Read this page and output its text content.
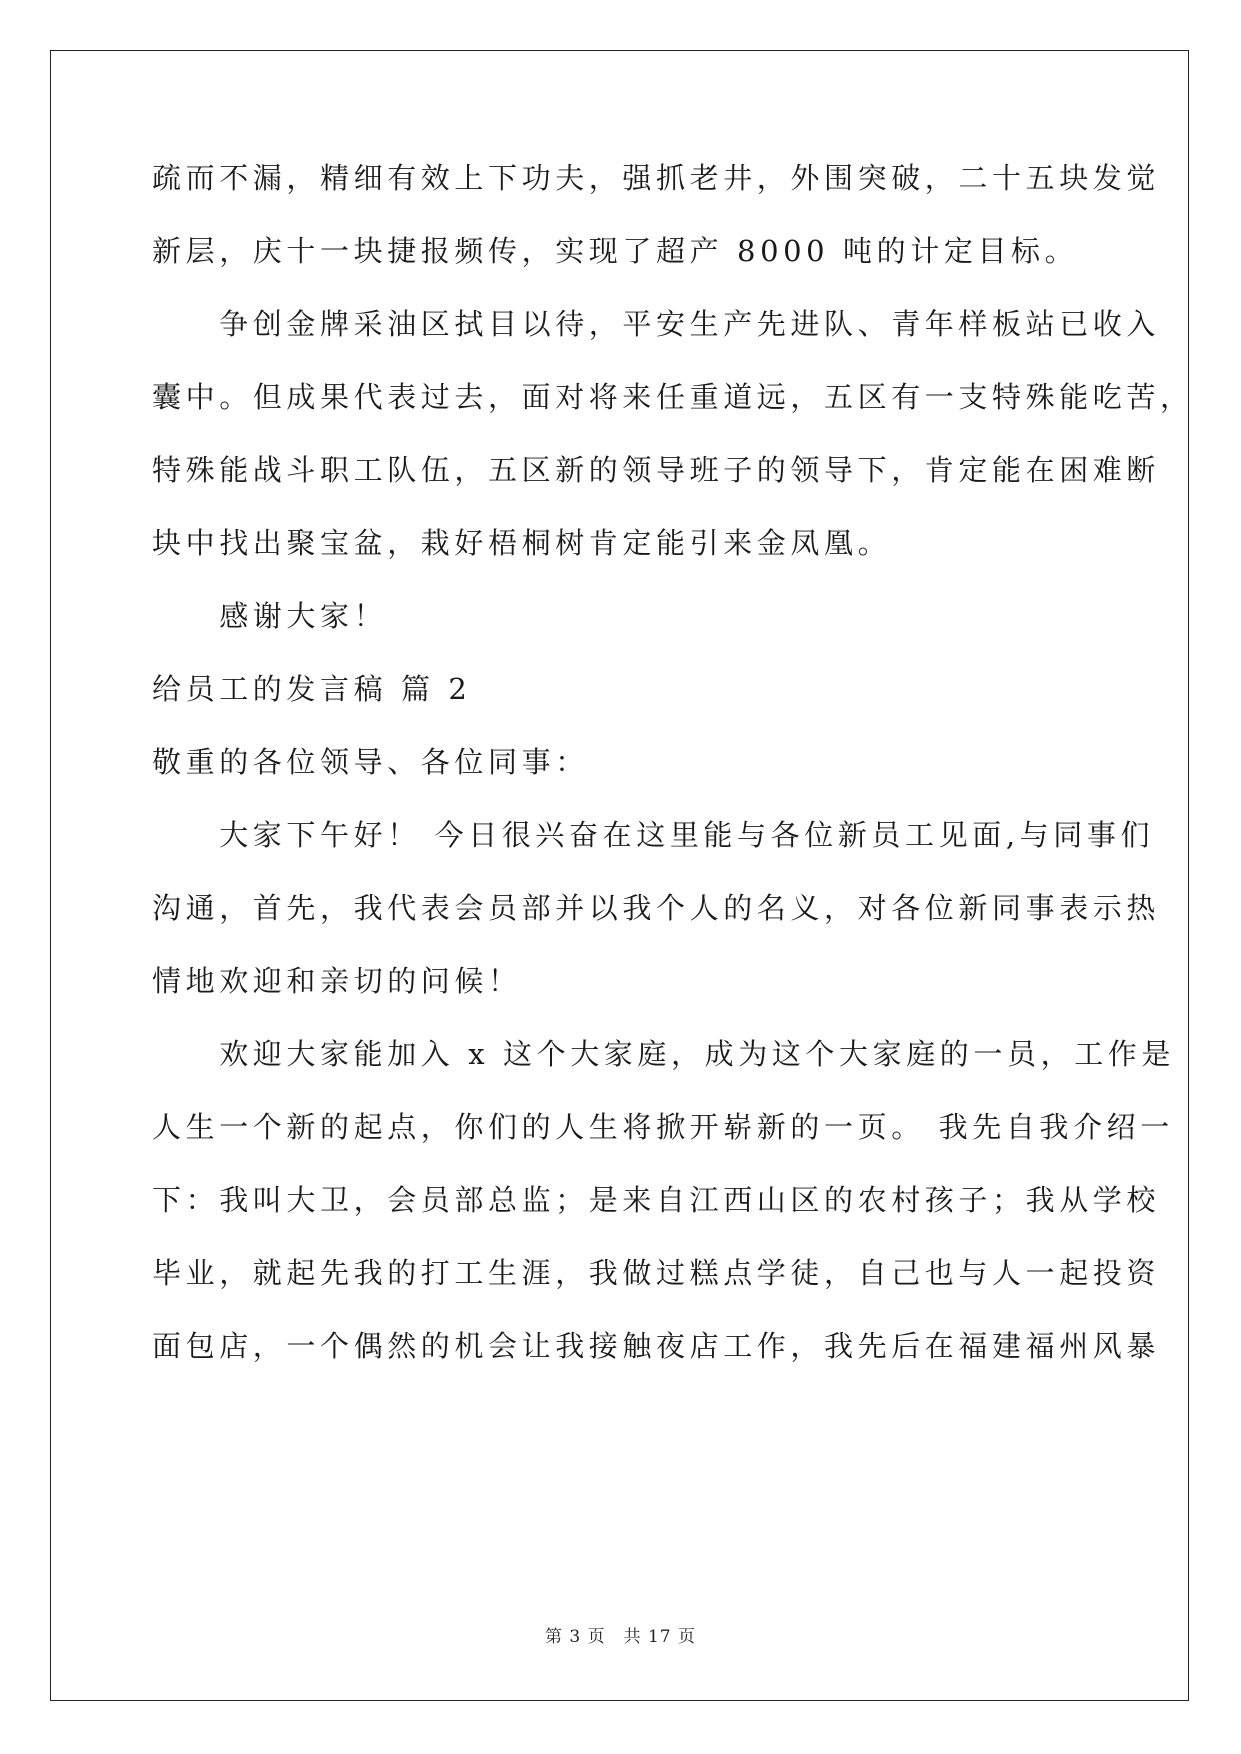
疏而不漏，精细有效上下功夫，强抓老井，外围突破，二十五块发觉

新层，庆十一块捷报频传，实现了超产 8000 吨的计定目标。

　　争创金牌采油区拭目以待，平安生产先进队、青年样板站已收入

囊中。但成果代表过去，面对将来任重道远，五区有一支特殊能吃苦，

特殊能战斗职工队伍，五区新的领导班子的领导下，肯定能在困难断

块中找出聚宝盆，栽好梧桐树肯定能引来金凤凰。

　　感谢大家！

给员工的发言稿 篇 2

敬重的各位领导、各位同事：

　　大家下午好！ 今日很兴奋在这里能与各位新员工见面,与同事们

沟通，首先，我代表会员部并以我个人的名义，对各位新同事表示热

情地欢迎和亲切的问候！

　　欢迎大家能加入 x 这个大家庭，成为这个大家庭的一员，工作是

人生一个新的起点，你们的人生将掀开崭新的一页。 我先自我介绍一

下：我叫大卫，会员部总监；是来自江西山区的农村孩子；我从学校

毕业，就起先我的打工生涯，我做过糕点学徒，自己也与人一起投资

面包店，一个偶然的机会让我接触夜店工作，我先后在福建福州风暴

第 3 页　共 17 页
